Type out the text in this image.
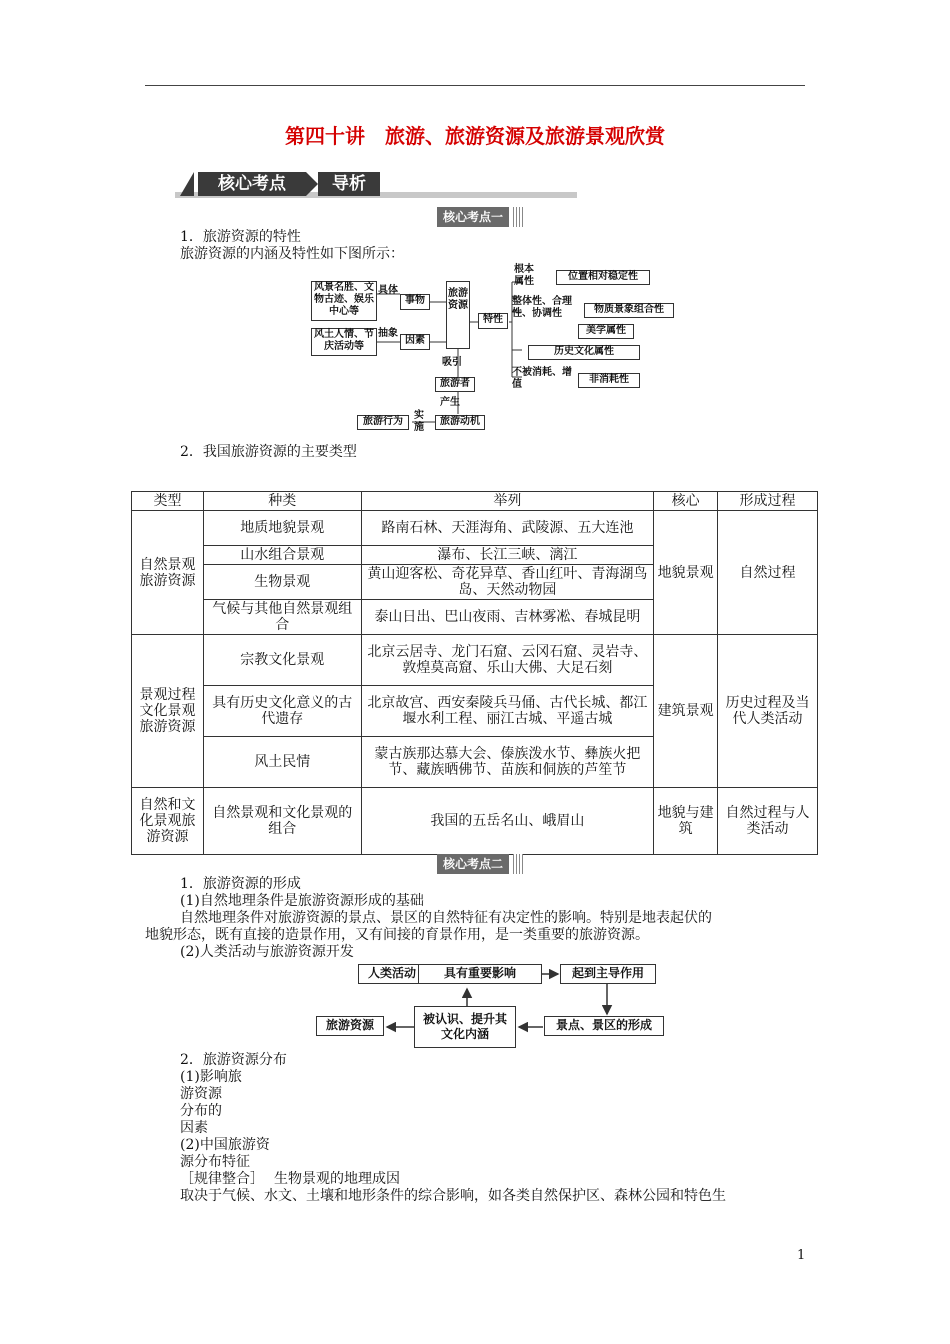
第四十讲　旅游、旅游资源及旅游景观欣赏
核心考点	导析
核心考点一
1．旅游资源的特性
旅游资源的内涵及特性如下图所示：
风景名胜、文物古迹、娱乐中心等
风土人情、节庆活动等
具体
抽象
事物
因素
旅游资源
特性
吸引
旅游者
产生
实施
旅游动机
旅游行为
根本属性	位置相对稳定性
整体性、合理性、协调性	物质景象组合性
美学属性
历史文化属性
不被消耗、增值	非消耗性
2．我国旅游资源的主要类型
类型	种类	举列	核心	形成过程
自然景观旅游资源	地质地貌景观	路南石林、天涯海角、武陵源、五大连池	地貌景观	自然过程
	山水组合景观	瀑布、长江三峡、漓江		
	生物景观	黄山迎客松、奇花异草、香山红叶、青海湖鸟岛、天然动物园		
	气候与其他自然景观组合	泰山日出、巴山夜雨、吉林雾凇、春城昆明		
景观过程文化景观旅游资源	宗教文化景观	北京云居寺、龙门石窟、云冈石窟、灵岩寺、敦煌莫高窟、乐山大佛、大足石刻	建筑景观	历史过程及当代人类活动
	具有历史文化意义的古代遗存	北京故宫、西安秦陵兵马俑、古代长城、都江堰水利工程、丽江古城、平遥古城		
	风土民情	蒙古族那达慕大会、傣族泼水节、彝族火把节、藏族晒佛节、苗族和侗族的芦笙节		
自然和文化景观旅游资源	自然景观和文化景观的组合	我国的五岳名山、峨眉山	地貌与建筑	自然过程与人类活动
核心考点二
1．旅游资源的形成
(1)自然地理条件是旅游资源形成的基础
自然地理条件对旅游资源的景点、景区的自然特征有决定性的影响。特别是地表起伏的
地貌形态，既有直接的造景作用，又有间接的育景作用，是一类重要的旅游资源。
(2)人类活动与旅游资源开发
人类活动	具有重要影响	起到主导作用
旅游资源	被认识、提升其文化内涵
景点、景区的形成
2．旅游资源分布
(1)影响旅
游资源
分布的
因素
(2)中国旅游资
源分布特征
［规律整合］ 生物景观的地理成因
取决于气候、水文、土壤和地形条件的综合影响，如各类自然保护区、森林公园和特色生
1
